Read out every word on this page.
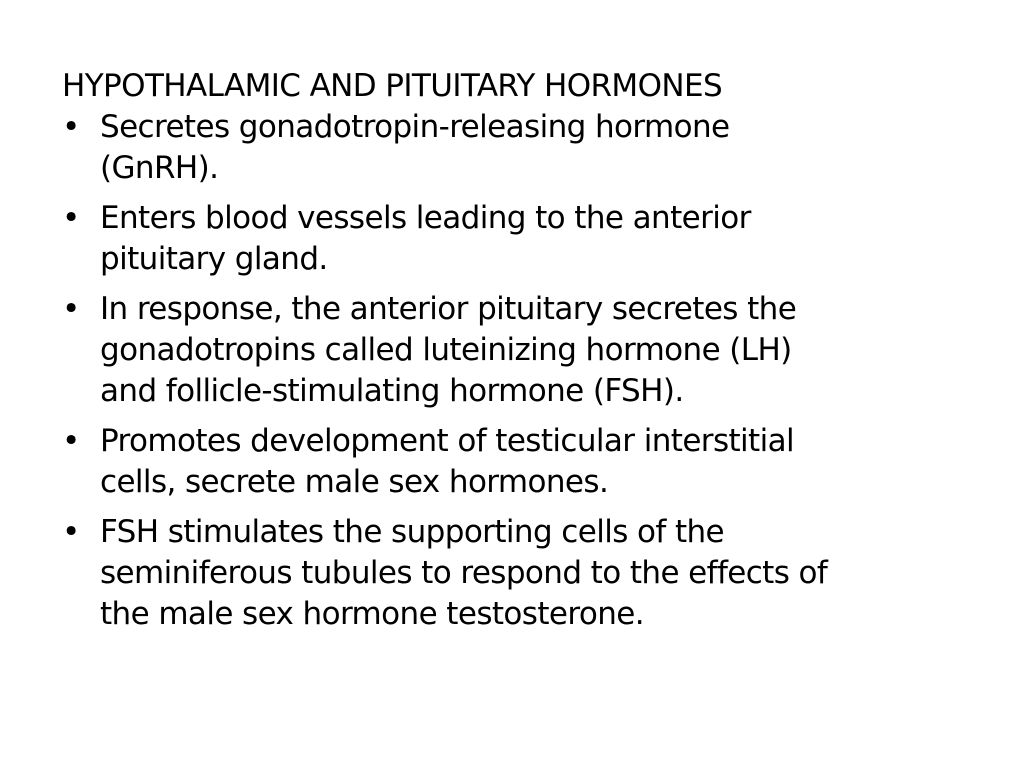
HYPOTHALAMIC AND PITUITARY HORMONES
• Secretes gonadotropin-releasing hormone
(GnRH).
• Enters blood vessels leading to the anterior
pituitary gland.
• In response, the anterior pituitary secretes the
gonadotropins called luteinizing hormone (LH)
and follicle-stimulating hormone (FSH).
• Promotes development of testicular interstitial
cells, secrete male sex hormones.
• FSH stimulates the supporting cells of the
seminiferous tubules to respond to the effects of
the male sex hormone testosterone.
